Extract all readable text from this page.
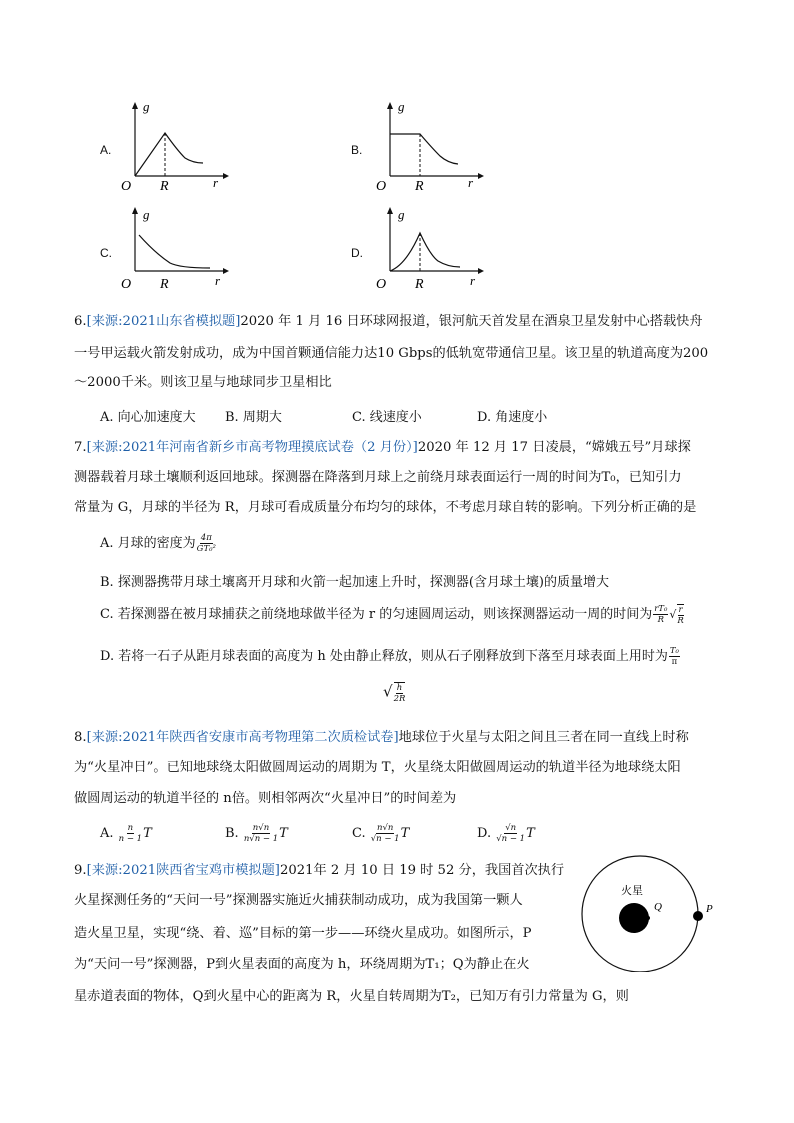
A.
g
O R	r
B.
g
O R	r
C.
g
O R	r
D.
g
O R	r
6.[来源:2021山东省模拟题]2020 年 1 月 16 日环球网报道，银河航天首发星在酒泉卫星发射中心搭载快舟
一号甲运载火箭发射成功，成为中国首颗通信能力达10 Gbps的低轨宽带通信卫星。该卫星的轨道高度为200
～2000千米。则该卫星与地球同步卫星相比
A. 向心加速度大 B. 周期大	C. 线速度小	D. 角速度小
7.[来源:2021年河南省新乡市高考物理摸底试卷（2 月份）]2020 年 12 月 17 日凌晨，“嫦娥五号”月球探
测器载着月球土壤顺利返回地球。探测器在降落到月球上之前绕月球表面运行一周的时间为T₀，已知引力
常量为 G，月球的半径为 R，月球可看成质量分布均匀的球体，不考虑月球自转的影响。下列分析正确的是
A. 月球的密度为 $\frac{4\pi}{\text{GT₀²}}$
B. 探测器携带月球土壤离开月球和火箭一起加速上升时，探测器(含月球土壤)的质量增大
C. 若探测器在被月球捕获之前绕地球做半径为 r 的匀速圆周运动，则该探测器运动一周的时间为 $\frac{\text{rT₀}}{R}$ √ $\frac{r}{R}$
D. 若将一石子从距月球表面的高度为 h 处由静止释放，则从石子刚释放到下落至月球表面上用时为 $\frac{\text{T₀}}{\pi}$
√ $\frac{h}{2R}$
8.[来源:2021年陕西省安康市高考物理第二次质检试卷]地球位于火星与太阳之间且三者在同一直线上时称
为“火星冲日”。已知地球绕太阳做圆周运动的周期为 T，火星绕太阳做圆周运动的轨道半径为地球绕太阳
做圆周运动的轨道半径的 n倍。则相邻两次“火星冲日”的时间差为
A. $\frac{n}{n - 1}$ T	B. $\frac{n√n}{n√n - 1}$ T	C. $\frac{n√n}{√n - 1}$ T	D. $\frac{√n}{√n - 1}$ T
9.[来源:2021陕西省宝鸡市模拟题]2021年 2 月 10 日 19 时 52 分，我国首次执行
火星探测任务的“天问一号”探测器实施近火捕获制动成功，成为我国第一颗人
造火星卫星，实现“绕、着、巡”目标的第一步——环绕火星成功。如图所示，P
为“天问一号”探测器，P到火星表面的高度为 h，环绕周期为T₁；Q为静止在火
星赤道表面的物体，Q到火星中心的距离为 R，火星自转周期为T₂，已知万有引力常量为 G，则
火星
Q	P
